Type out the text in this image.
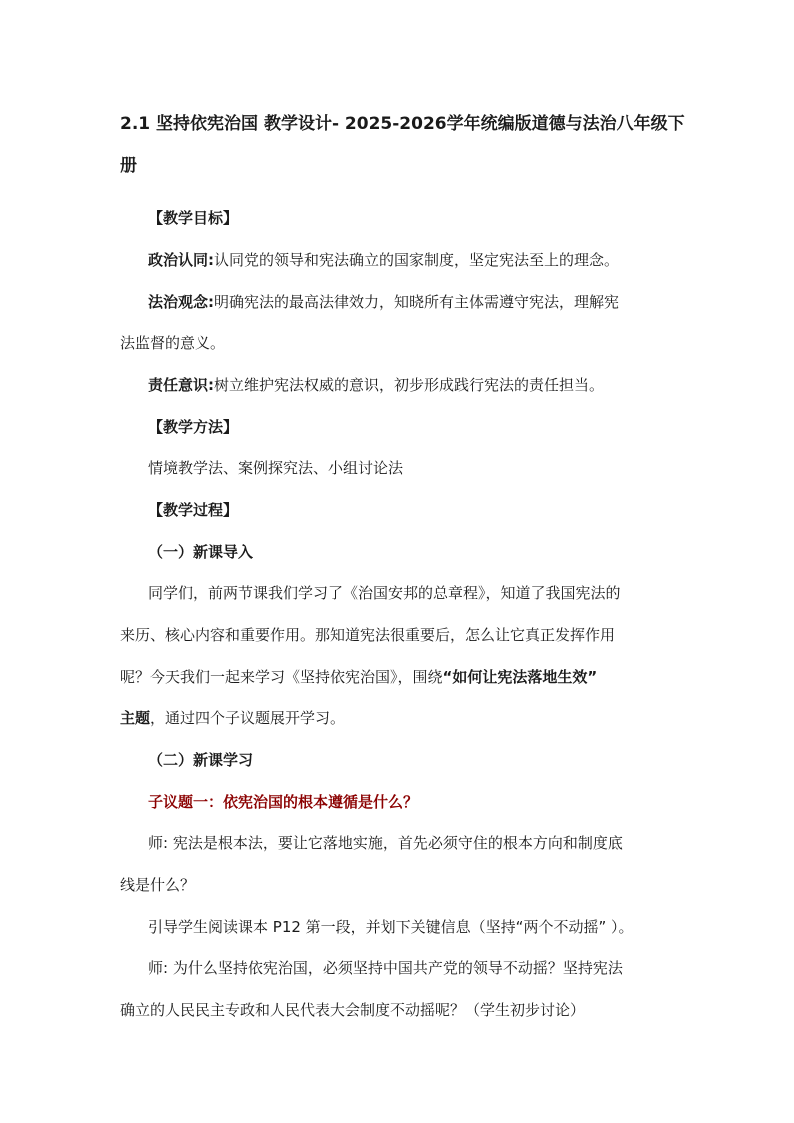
2.1 坚持依宪治国 教学设计- 2025-2026学年统编版道德与法治八年级下册
【教学目标】
政治认同:认同党的领导和宪法确立的国家制度，坚定宪法至上的理念。
法治观念:明确宪法的最高法律效力，知晓所有主体需遵守宪法，理解宪
法监督的意义。
责任意识:树立维护宪法权威的意识，初步形成践行宪法的责任担当。
【教学方法】
情境教学法、案例探究法、小组讨论法
【教学过程】
（一）新课导入
同学们，前两节课我们学习了《治国安邦的总章程》，知道了我国宪法的
来历、核心内容和重要作用。那知道宪法很重要后，怎么让它真正发挥作用
呢？今天我们一起来学习《坚持依宪治国》，围绕“如何让宪法落地生效”
主题，通过四个子议题展开学习。
（二）新课学习
子议题一：依宪治国的根本遵循是什么？
师: 宪法是根本法，要让它落地实施，首先必须守住的根本方向和制度底
线是什么？
引导学生阅读课本 P12 第一段，并划下关键信息（坚持“两个不动摇” ）。
师: 为什么坚持依宪治国，必须坚持中国共产党的领导不动摇？坚持宪法
确立的人民民主专政和人民代表大会制度不动摇呢？（学生初步讨论）
